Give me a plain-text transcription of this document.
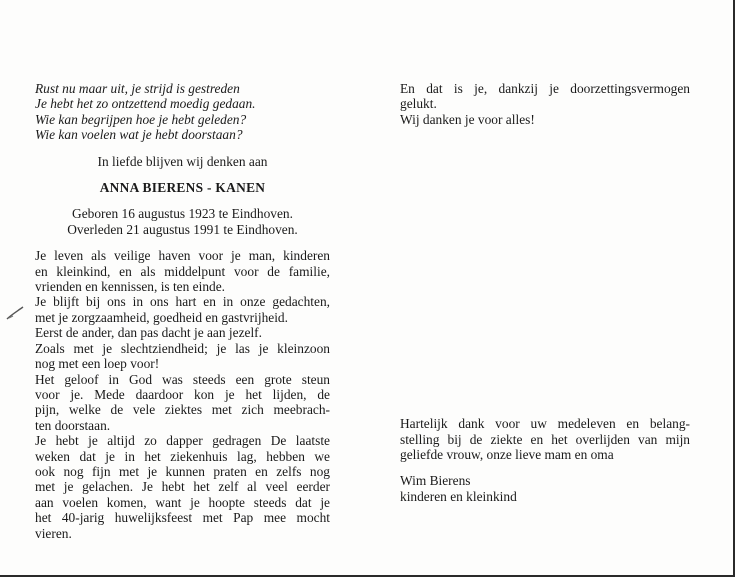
Rust nu maar uit, je strijd is gestreden
Je hebt het zo ontzettend moedig gedaan.
Wie kan begrijpen hoe je hebt geleden?
Wie kan voelen wat je hebt doorstaan?
In liefde blijven wij denken aan
ANNA BIERENS - KANEN
Geboren 16 augustus 1923 te Eindhoven.
Overleden 21 augustus 1991 te Eindhoven.
Je leven als veilige haven voor je man, kinderen
en kleinkind, en als middelpunt voor de familie,
vrienden en kennissen, is ten einde.
Je blijft bij ons in ons hart en in onze gedachten,
met je zorgzaamheid, goedheid en gastvrijheid.
Eerst de ander, dan pas dacht je aan jezelf.
Zoals met je slechtziendheid; je las je kleinzoon
nog met een loep voor!
Het geloof in God was steeds een grote steun
voor je. Mede daardoor kon je het lijden, de
pijn, welke de vele ziektes met zich meebrach-
ten doorstaan.
Je hebt je altijd zo dapper gedragen De laatste
weken dat je in het ziekenhuis lag, hebben we
ook nog fijn met je kunnen praten en zelfs nog
met je gelachen. Je hebt het zelf al veel eerder
aan voelen komen, want je hoopte steeds dat je
het 40-jarig huwelijksfeest met Pap mee mocht
vieren.
En dat is je, dankzij je doorzettingsvermogen
gelukt.
Wij danken je voor alles!
Hartelijk dank voor uw medeleven en belang-
stelling bij de ziekte en het overlijden van mijn
geliefde vrouw, onze lieve mam en oma
Wim Bierens
kinderen en kleinkind
